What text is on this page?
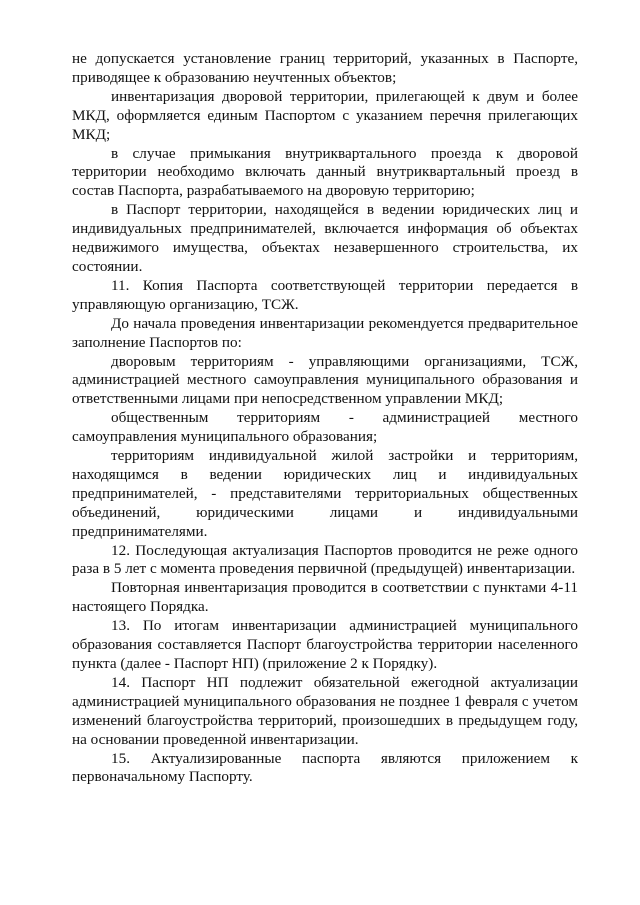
не допускается установление границ территорий, указанных в Паспорте, приводящее к образованию неучтенных объектов;

инвентаризация дворовой территории, прилегающей к двум и более МКД, оформляется единым Паспортом с указанием перечня прилегающих МКД;

в случае примыкания внутриквартального проезда к дворовой территории необходимо включать данный внутриквартальный проезд в состав Паспорта, разрабатываемого на дворовую территорию;

в Паспорт территории, находящейся в ведении юридических лиц и индивидуальных предпринимателей, включается информация об объектах недвижимого имущества, объектах незавершенного строительства, их состоянии.

11. Копия Паспорта соответствующей территории передается в управляющую организацию, ТСЖ.

До начала проведения инвентаризации рекомендуется предварительное заполнение Паспортов по:

дворовым территориям - управляющими организациями, ТСЖ, администрацией местного самоуправления муниципального образования и ответственными лицами при непосредственном управлении МКД;

общественным территориям - администрацией местного самоуправления муниципального образования;

территориям индивидуальной жилой застройки и территориям, находящимся в ведении юридических лиц и индивидуальных предпринимателей, - представителями территориальных общественных объединений, юридическими лицами и индивидуальными предпринимателями.

12. Последующая актуализация Паспортов проводится не реже одного раза в 5 лет с момента проведения первичной (предыдущей) инвентаризации.

Повторная инвентаризация проводится в соответствии с пунктами 4-11 настоящего Порядка.

13. По итогам инвентаризации администрацией муниципального образования составляется Паспорт благоустройства территории населенного пункта (далее - Паспорт НП) (приложение 2 к Порядку).

14. Паспорт НП подлежит обязательной ежегодной актуализации администрацией муниципального образования не позднее 1 февраля с учетом изменений благоустройства территорий, произошедших в предыдущем году, на основании проведенной инвентаризации.

15. Актуализированные паспорта являются приложением к первоначальному Паспорту.
